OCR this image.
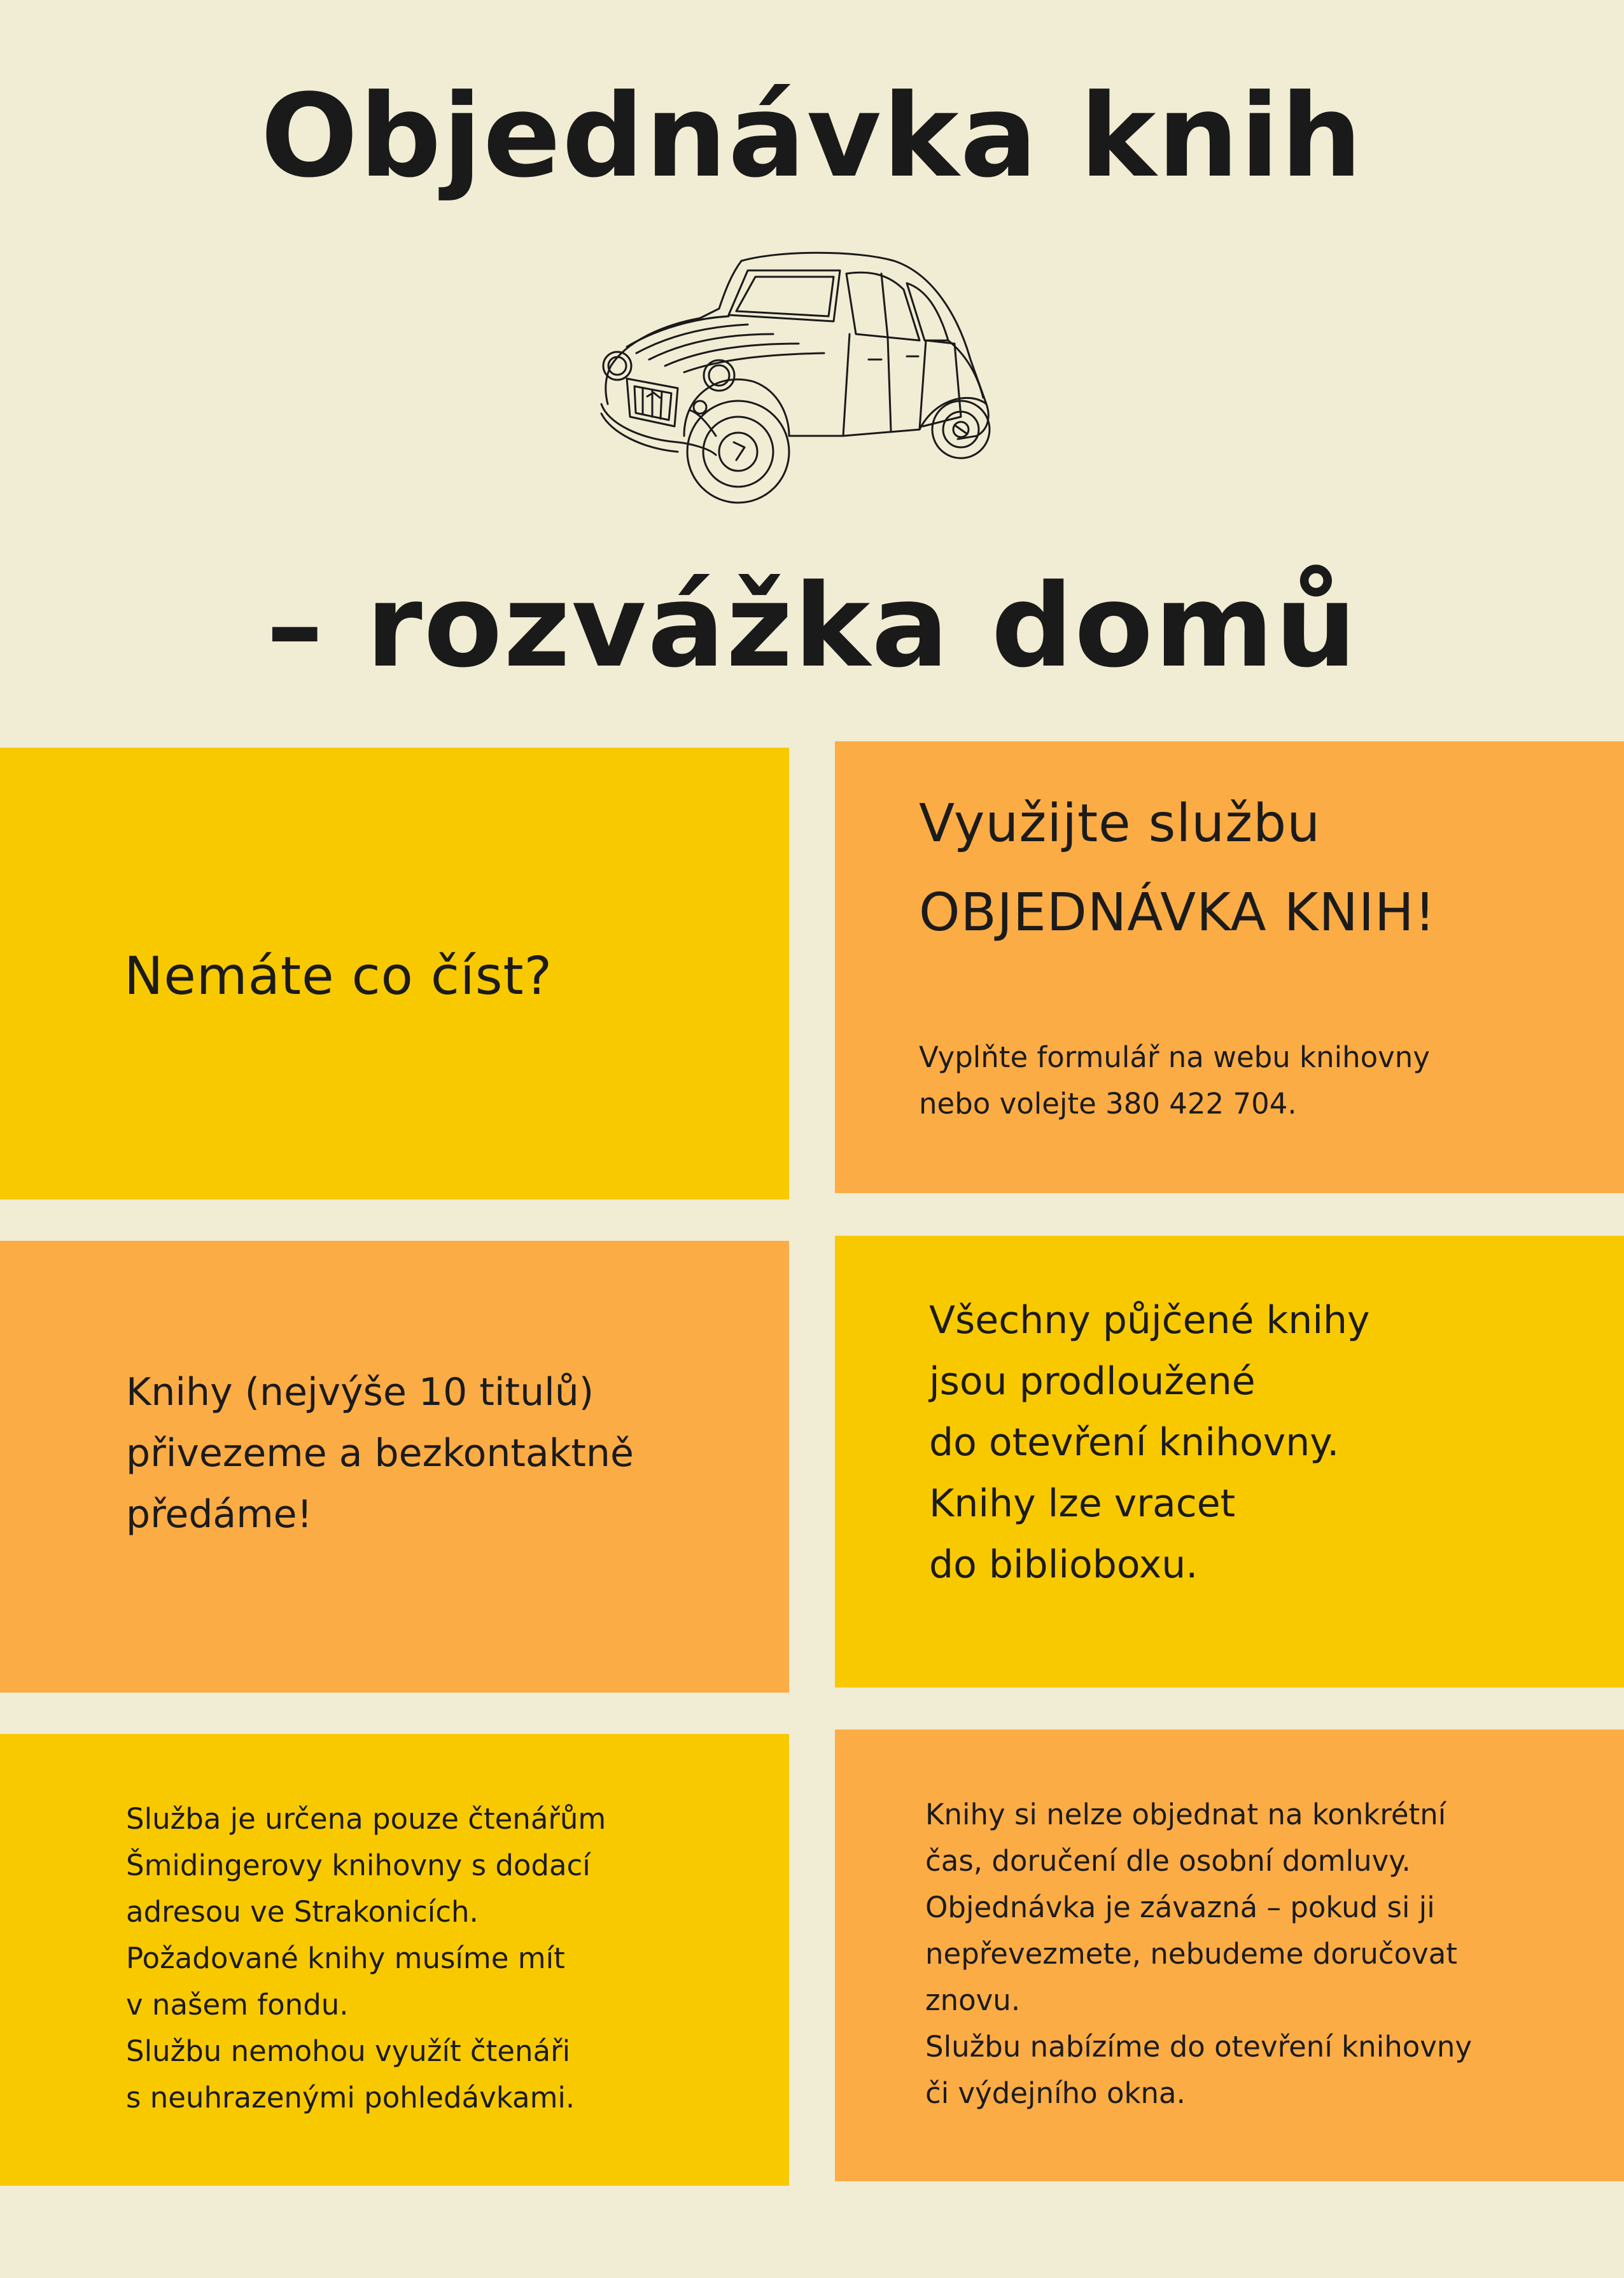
Objednávka knih
– rozvážka domů

Nemáte co číst?

Využijte službu

OBJEDNÁVKA KNIH!

Vyplňte formulář na webu knihovny

nebo volejte 380 422 704.

Knihy (nejvýše 10 titulů)

přivezeme a bezkontaktně

předáme!

Všechny půjčené knihy

jsou prodloužené

do otevření knihovny.

Knihy lze vracet

do biblioboxu.

Služba je určena pouze čtenářům

Šmidingerovy knihovny s dodací

adresou ve Strakonicích.

Požadované knihy musíme mít

v našem fondu.

Službu nemohou využít čtenáři

s neuhrazenými pohledávkami.

Knihy si nelze objednat na konkrétní

čas, doručení dle osobní domluvy.

Objednávka je závazná – pokud si ji

nepřevezmete, nebudeme doručovat

znovu.

Službu nabízíme do otevření knihovny

či výdejního okna.
